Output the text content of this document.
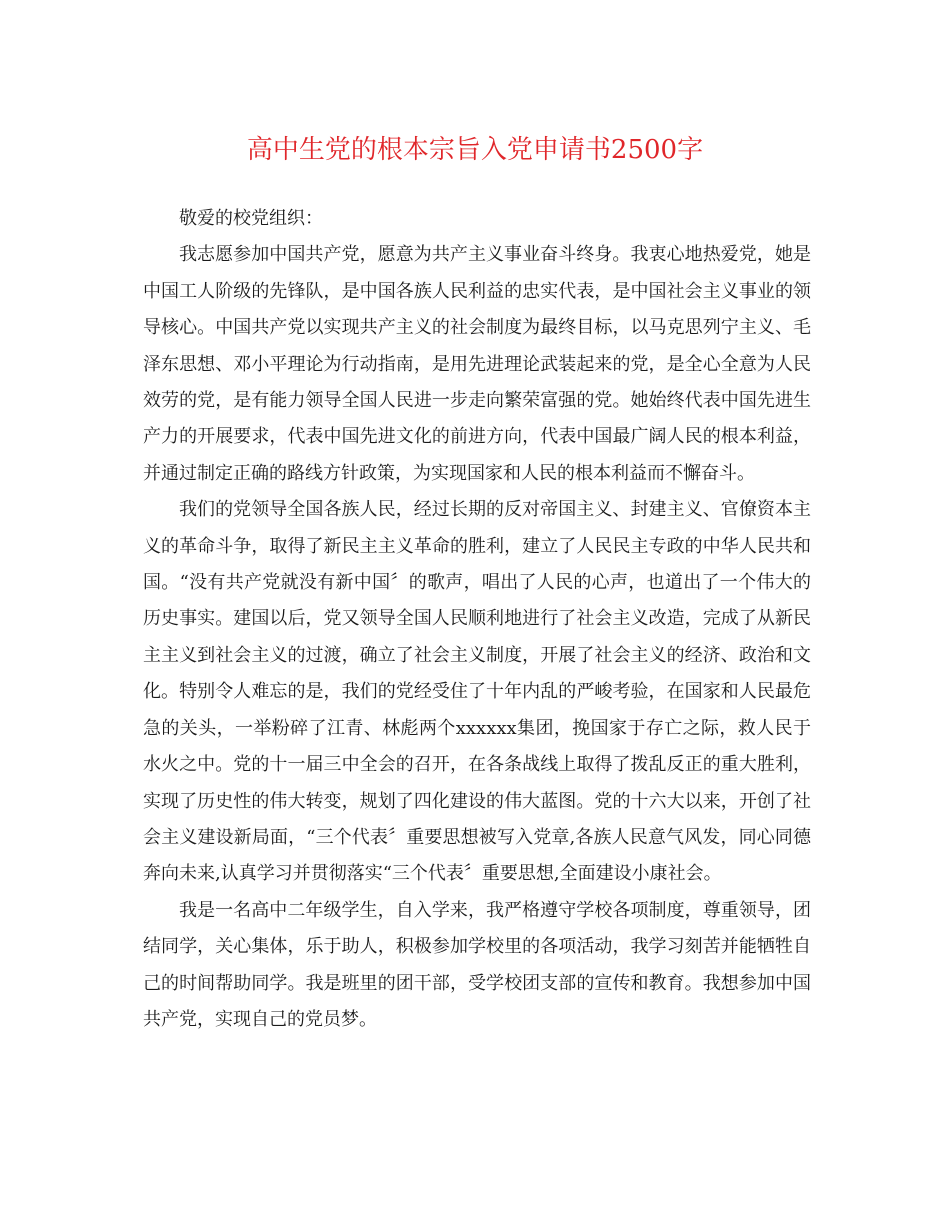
高中生党的根本宗旨入党申请书2500字

敬爱的校党组织：

我志愿参加中国共产党，愿意为共产主义事业奋斗终身。我衷心地热爱党，她是中国工人阶级的先锋队，是中国各族人民利益的忠实代表，是中国社会主义事业的领导核心。中国共产党以实现共产主义的社会制度为最终目标，以马克思列宁主义、毛泽东思想、邓小平理论为行动指南，是用先进理论武装起来的党，是全心全意为人民效劳的党，是有能力领导全国人民进一步走向繁荣富强的党。她始终代表中国先进生产力的开展要求，代表中国先进文化的前进方向，代表中国最广阔人民的根本利益，并通过制定正确的路线方针政策，为实现国家和人民的根本利益而不懈奋斗。

我们的党领导全国各族人民，经过长期的反对帝国主义、封建主义、官僚资本主义的革命斗争，取得了新民主主义革命的胜利，建立了人民民主专政的中华人民共和国。“没有共产党就没有新中国〞的歌声，唱出了人民的心声，也道出了一个伟大的历史事实。建国以后，党又领导全国人民顺利地进行了社会主义改造，完成了从新民主主义到社会主义的过渡，确立了社会主义制度，开展了社会主义的经济、政治和文化。特别令人难忘的是，我们的党经受住了十年内乱的严峻考验，在国家和人民最危急的关头，一举粉碎了江青、林彪两个xxxxxx集团，挽国家于存亡之际，救人民于水火之中。党的十一届三中全会的召开，在各条战线上取得了拨乱反正的重大胜利，实现了历史性的伟大转变，规划了四化建设的伟大蓝图。党的十六大以来，开创了社会主义建设新局面，“三个代表〞重要思想被写入党章,各族人民意气风发，同心同德奔向未来,认真学习并贯彻落实“三个代表〞重要思想,全面建设小康社会。

我是一名高中二年级学生，自入学来，我严格遵守学校各项制度，尊重领导，团结同学，关心集体，乐于助人，积极参加学校里的各项活动，我学习刻苦并能牺牲自己的时间帮助同学。我是班里的团干部，受学校团支部的宣传和教育。我想参加中国共产党，实现自己的党员梦。
